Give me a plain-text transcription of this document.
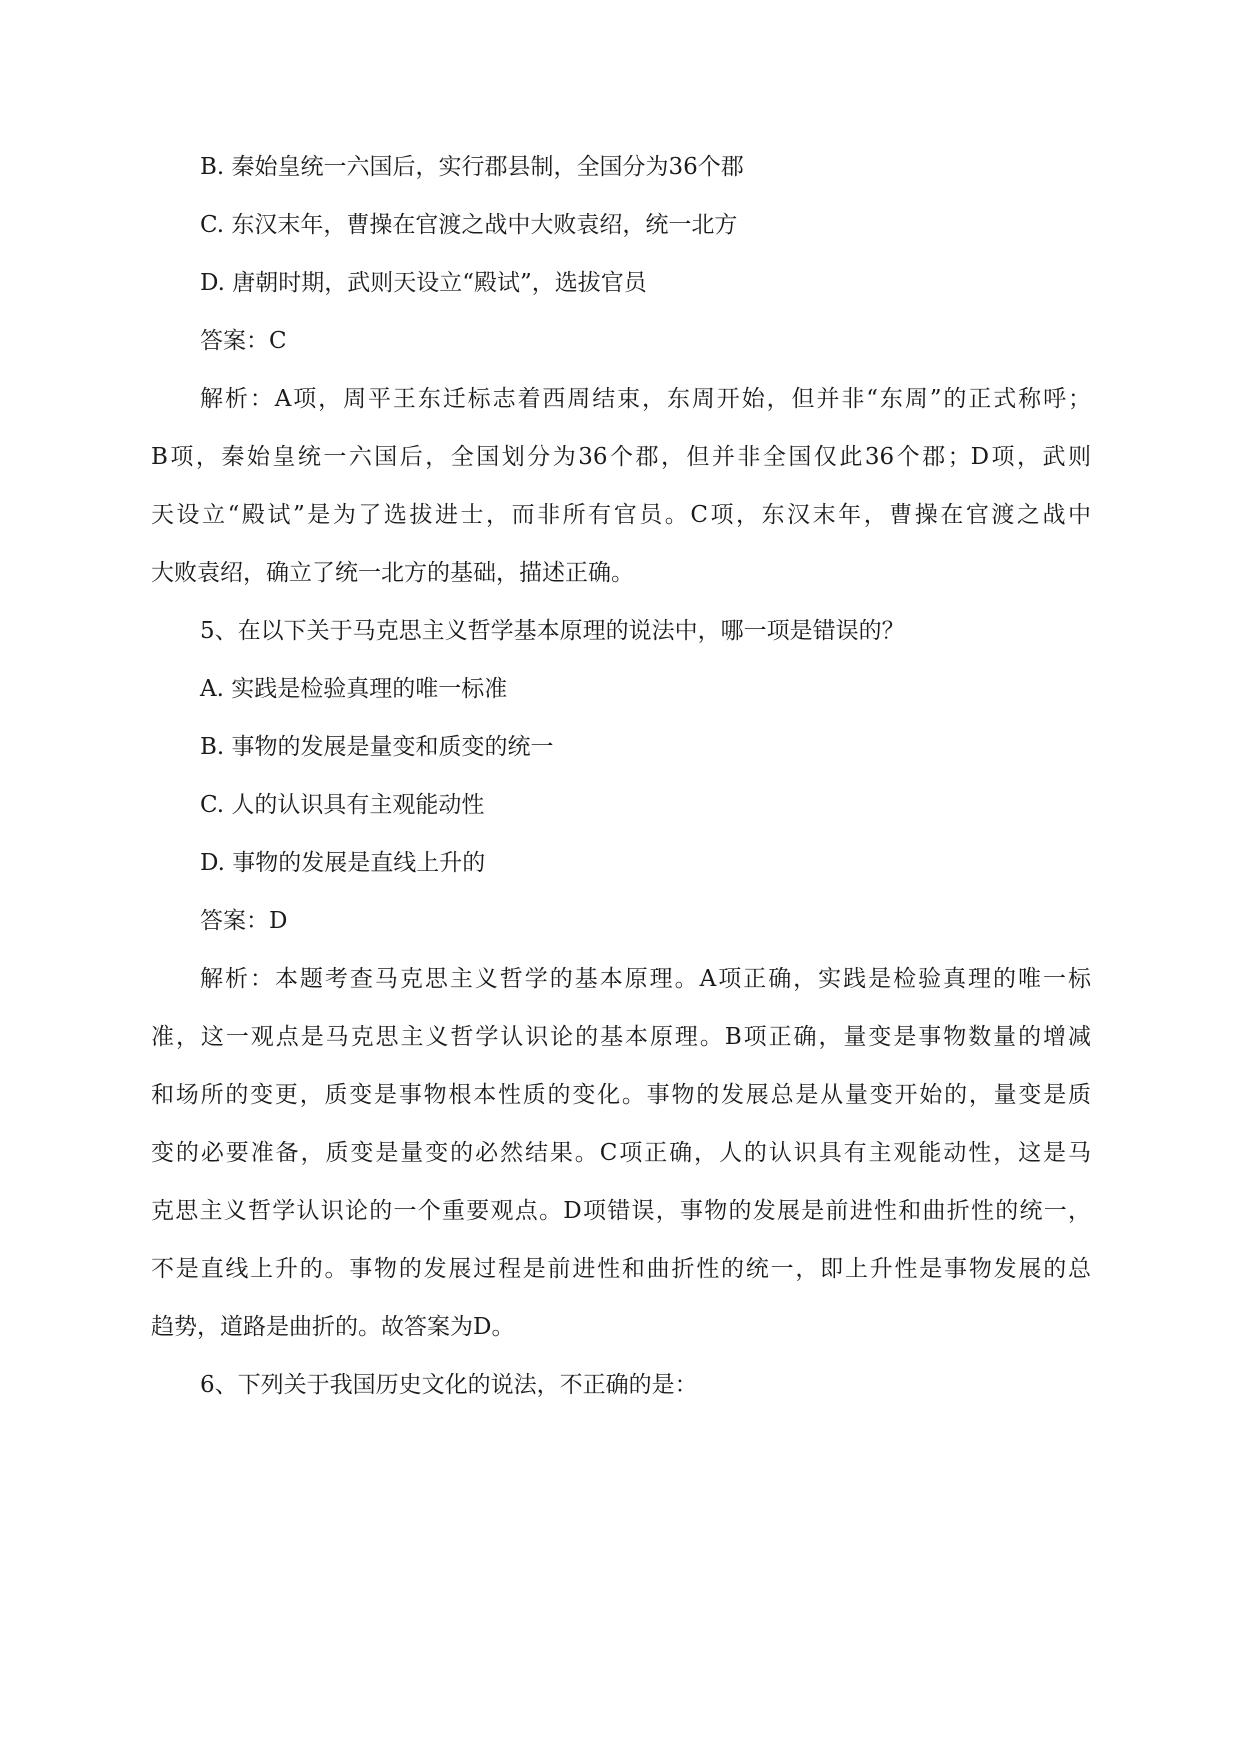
B. 秦始皇统一六国后，实行郡县制，全国分为36个郡
C. 东汉末年，曹操在官渡之战中大败袁绍，统一北方
D. 唐朝时期，武则天设立“殿试”，选拔官员
答案：C
解析：A项，周平王东迁标志着西周结束，东周开始，但并非“东周”的正式称呼；
B项，秦始皇统一六国后，全国划分为36个郡，但并非全国仅此36个郡；D项，武则
天设立“殿试”是为了选拔进士，而非所有官员。C项，东汉末年，曹操在官渡之战中
大败袁绍，确立了统一北方的基础，描述正确。
5、在以下关于马克思主义哲学基本原理的说法中，哪一项是错误的？
A. 实践是检验真理的唯一标准
B. 事物的发展是量变和质变的统一
C. 人的认识具有主观能动性
D. 事物的发展是直线上升的
答案：D
解析：本题考查马克思主义哲学的基本原理。A项正确，实践是检验真理的唯一标
准，这一观点是马克思主义哲学认识论的基本原理。B项正确，量变是事物数量的增减
和场所的变更，质变是事物根本性质的变化。事物的发展总是从量变开始的，量变是质
变的必要准备，质变是量变的必然结果。C项正确，人的认识具有主观能动性，这是马
克思主义哲学认识论的一个重要观点。D项错误，事物的发展是前进性和曲折性的统一，
不是直线上升的。事物的发展过程是前进性和曲折性的统一，即上升性是事物发展的总
趋势，道路是曲折的。故答案为D。
6、下列关于我国历史文化的说法，不正确的是：
